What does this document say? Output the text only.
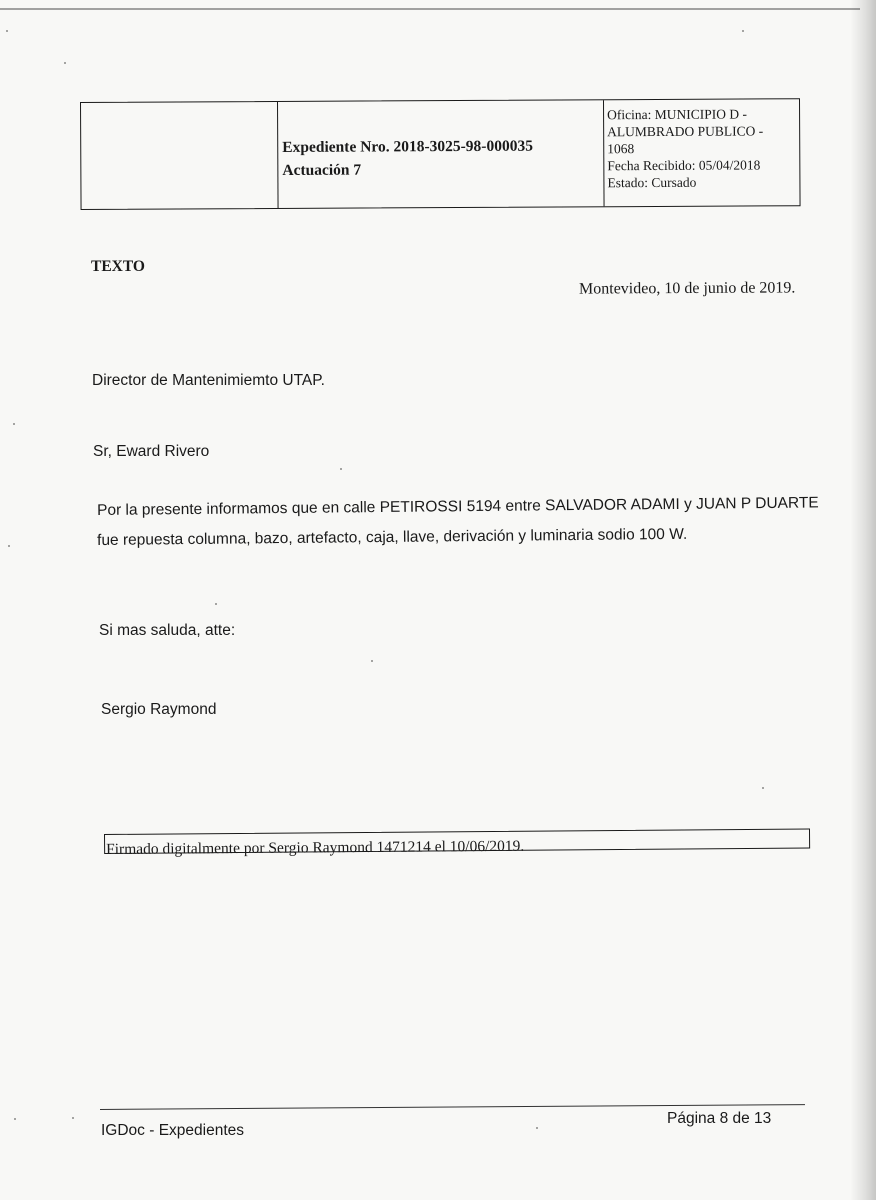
Expediente Nro. 2018-3025-98-000035
Actuación 7
Oficina: MUNICIPIO D -
ALUMBRADO PUBLICO -
1068
Fecha Recibido: 05/04/2018
Estado: Cursado
TEXTO
Montevideo, 10 de junio de 2019.
Director de Mantenimiemto UTAP.
Sr, Eward Rivero
Por la presente informamos que en calle PETIROSSI 5194 entre SALVADOR ADAMI y JUAN P DUARTE
fue repuesta columna, bazo, artefacto, caja, llave, derivación y luminaria sodio 100 W.
Si mas saluda, atte:
Sergio Raymond
Firmado digitalmente por Sergio Raymond 1471214 el 10/06/2019.
IGDoc - Expedientes
Página 8 de 13
